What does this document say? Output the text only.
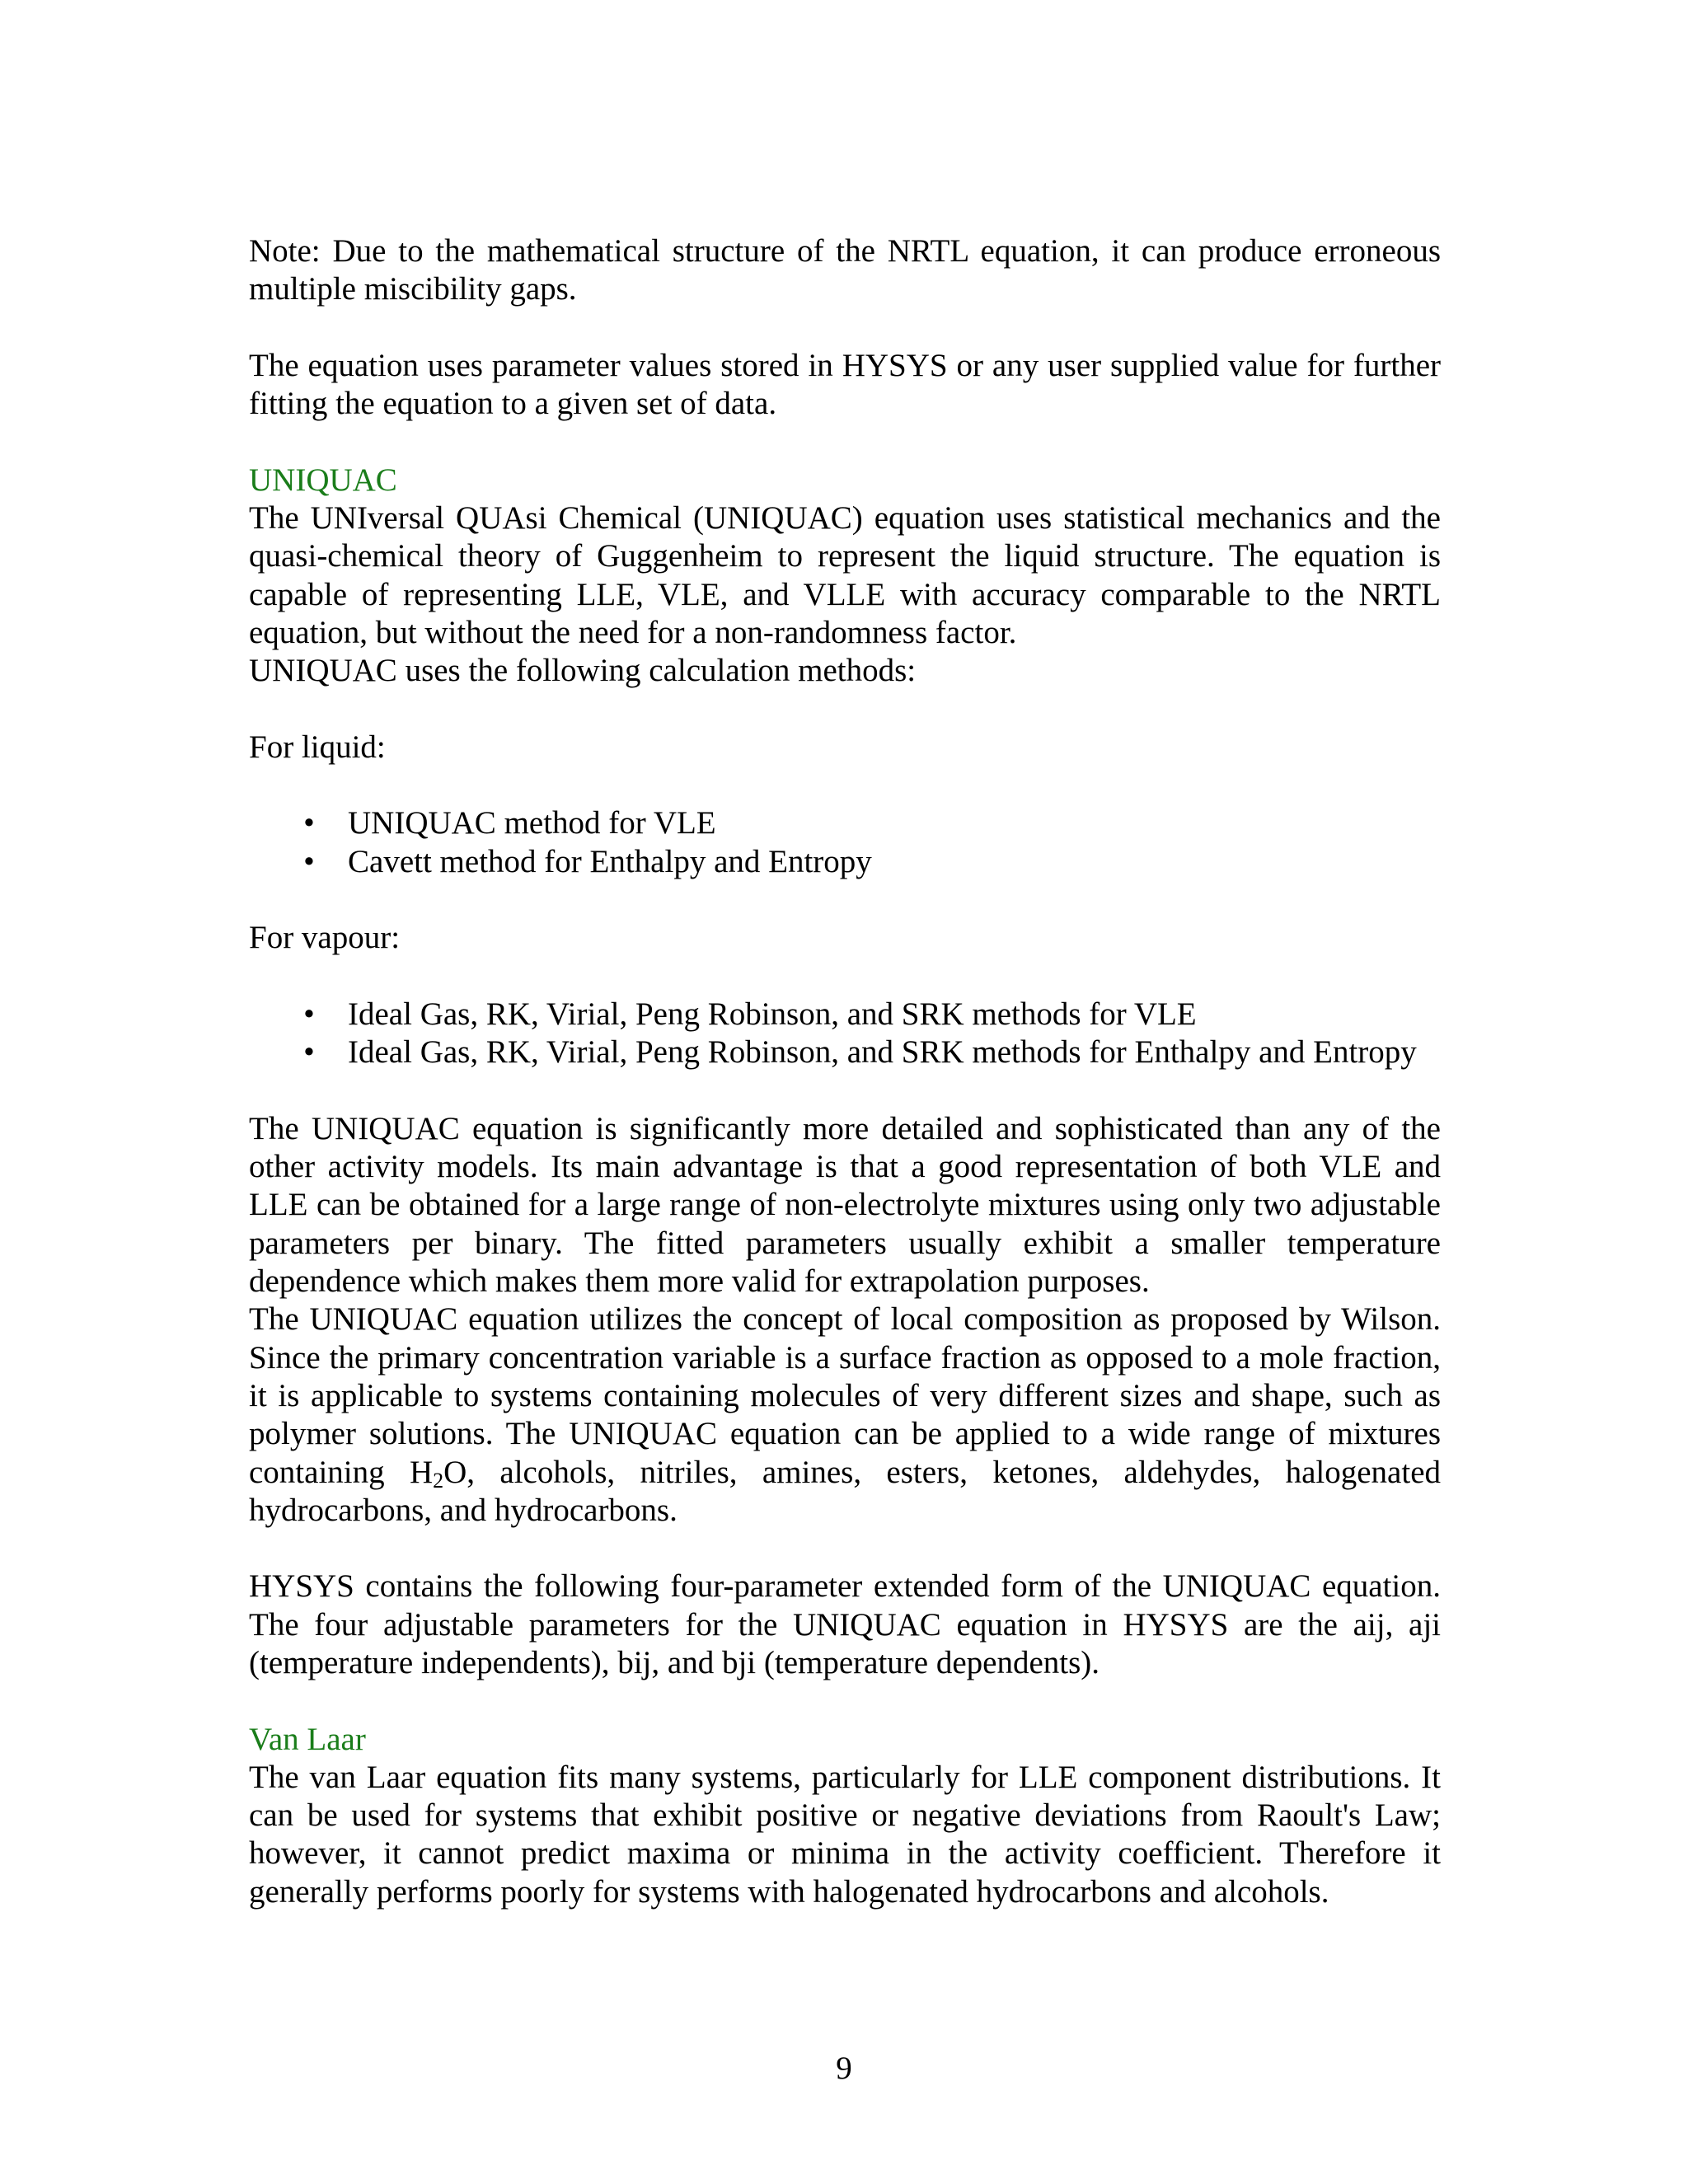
Note: Due to the mathematical structure of the NRTL equation, it can produce erroneous multiple miscibility gaps.

The equation uses parameter values stored in HYSYS or any user supplied value for further fitting the equation to a given set of data.

UNIQUAC

The UNIversal QUAsi Chemical (UNIQUAC) equation uses statistical mechanics and the quasi-chemical theory of Guggenheim to represent the liquid structure. The equation is capable of representing LLE, VLE, and VLLE with accuracy comparable to the NRTL equation, but without the need for a non-randomness factor.

UNIQUAC uses the following calculation methods:

For liquid:

• UNIQUAC method for VLE
• Cavett method for Enthalpy and Entropy

For vapour:

• Ideal Gas, RK, Virial, Peng Robinson, and SRK methods for VLE
• Ideal Gas, RK, Virial, Peng Robinson, and SRK methods for Enthalpy and Entropy

The UNIQUAC equation is significantly more detailed and sophisticated than any of the other activity models. Its main advantage is that a good representation of both VLE and LLE can be obtained for a large range of non-electrolyte mixtures using only two adjustable parameters per binary. The fitted parameters usually exhibit a smaller temperature dependence which makes them more valid for extrapolation purposes.

The UNIQUAC equation utilizes the concept of local composition as proposed by Wilson. Since the primary concentration variable is a surface fraction as opposed to a mole fraction, it is applicable to systems containing molecules of very different sizes and shape, such as polymer solutions. The UNIQUAC equation can be applied to a wide range of mixtures containing $H_2O$, alcohols, nitriles, amines, esters, ketones, aldehydes, halogenated hydrocarbons, and hydrocarbons.

HYSYS contains the following four-parameter extended form of the UNIQUAC equation. The four adjustable parameters for the UNIQUAC equation in HYSYS are the aij, aji (temperature independents), bij, and bji (temperature dependents).

Van Laar

The van Laar equation fits many systems, particularly for LLE component distributions. It can be used for systems that exhibit positive or negative deviations from Raoult's Law; however, it cannot predict maxima or minima in the activity coefficient. Therefore it generally performs poorly for systems with halogenated hydrocarbons and alcohols.

9
